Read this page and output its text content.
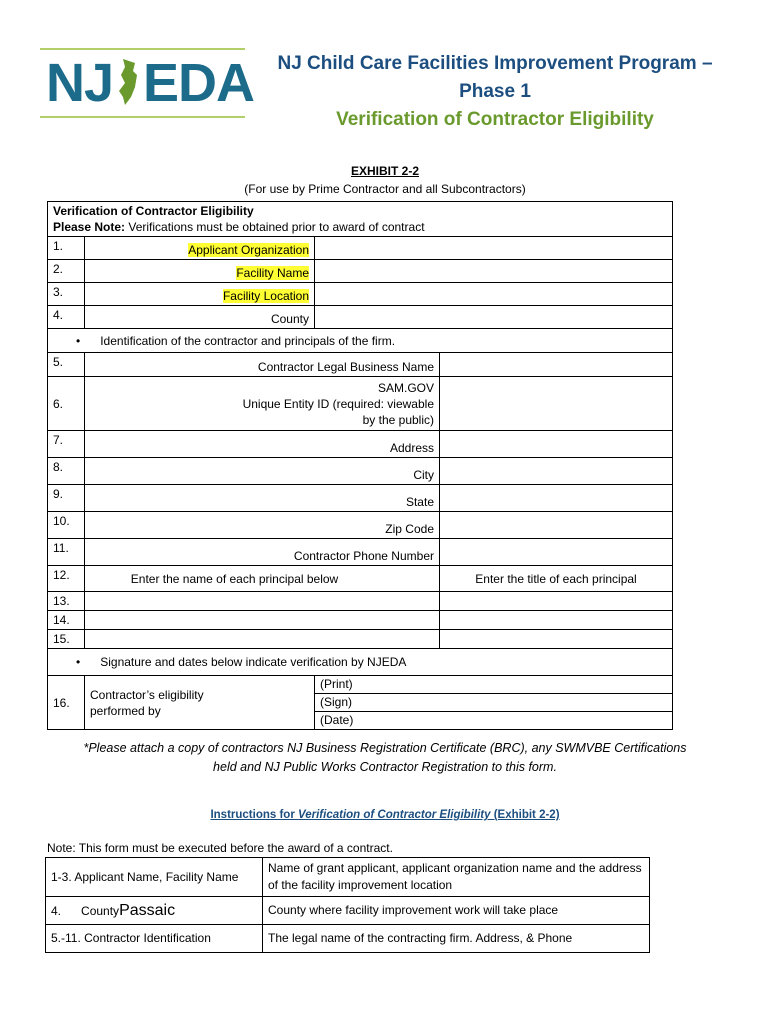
NJ EDA	NJ Child Care Facilities Improvement Program –
Phase 1
Verification of Contractor Eligibility
EXHIBIT 2-2
(For use by Prime Contractor and all Subcontractors)
Verification of Contractor Eligibility
Please Note: Verifications must be obtained prior to award of contract			
1.	Applicant Organization		
2.	Facility Name		
3.	Facility Location		
4.	County		
•      Identification of the contractor and principals of the firm.			
5.	Contractor Legal Business Name		
6.	SAM.GOV
Unique Entity ID (required: viewable
by the public)		
7.	Address		
8.	City		
9.	State		
10.	Zip Code		
11.	Contractor Phone Number		
12.	Enter the name of each principal below		Enter the title of each principal
13.			
14.			
15.			
•      Signature and dates below indicate verification by NJEDA			
16.	Contractor’s eligibility
performed by	(Print)	
		(Sign)	
		(Date)	
*Please attach a copy of contractors NJ Business Registration Certificate (BRC), any SWMVBE Certifications
held and NJ Public Works Contractor Registration to this form.
Instructions for Verification of Contractor Eligibility (Exhibit 2-2)
Note: This form must be executed before the award of a contract.
1-3. Applicant Name, Facility Name	Name of grant applicant, applicant organization name and the address of the facility improvement location
4. CountyPassaic	County where facility improvement work will take place
5.-11. Contractor Identification	The legal name of the contracting firm. Address, & Phone
